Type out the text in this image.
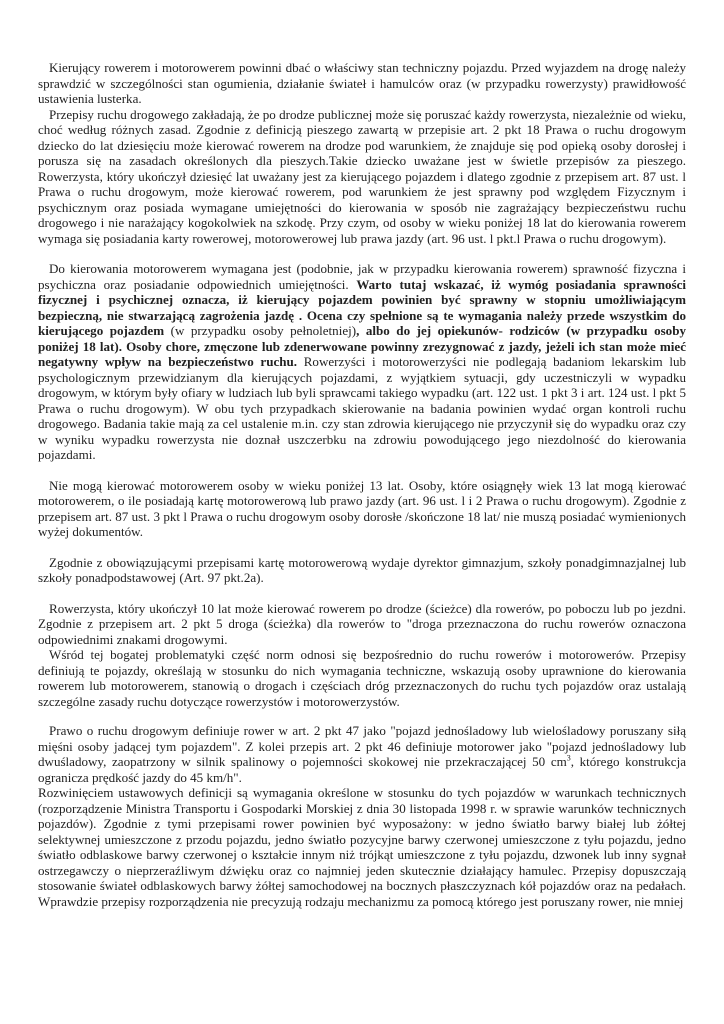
Kierujący rowerem i motorowerem powinni dbać o właściwy stan techniczny pojazdu. Przed wyjazdem na drogę należy sprawdzić w szczególności stan ogumienia, działanie świateł i hamulców oraz (w przypadku rowerzysty) prawidłowość ustawienia lusterka.

Przepisy ruchu drogowego zakładają, że po drodze publicznej może się poruszać każdy rowerzysta, niezależnie od wieku, choć według różnych zasad. Zgodnie z definicją pieszego zawartą w przepisie art. 2 pkt 18 Prawa o ruchu drogowym dziecko do lat dziesięciu może kierować rowerem na drodze pod warunkiem, że znajduje się pod opieką osoby dorosłej i porusza się na zasadach określonych dla pieszych.Takie dziecko uważane jest w świetle przepisów za pieszego. Rowerzysta, który ukończył dziesięć lat uważany jest za kierującego pojazdem i dlatego zgodnie z przepisem art. 87 ust. l Prawa o ruchu drogowym, może kierować rowerem, pod warunkiem że jest sprawny pod względem Fizycznym i psychicznym oraz posiada wymagane umiejętności do kierowania w sposób nie zagrażający bezpieczeństwu ruchu drogowego i nie narażający kogokolwiek na szkodę. Przy czym, od osoby w wieku poniżej 18 lat do kierowania rowerem wymaga się posiadania karty rowerowej, motorowerowej lub prawa jazdy (art. 96 ust. l pkt.l Prawa o ruchu drogowym).

Do kierowania motorowerem wymagana jest (podobnie, jak w przypadku kierowania rowerem) sprawność fizyczna i psychiczna oraz posiadanie odpowiednich umiejętności. Warto tutaj wskazać, iż wymóg posiadania sprawności fizycznej i psychicznej oznacza, iż kierujący pojazdem powinien być sprawny w stopniu umożliwiającym bezpieczną, nie stwarzającą zagrożenia jazdę . Ocena czy spełnione są te wymagania należy przede wszystkim do kierującego pojazdem (w przypadku osoby pełnoletniej), albo do jej opiekunów- rodziców (w przypadku osoby poniżej 18 lat). Osoby chore, zmęczone lub zdenerwowane powinny zrezygnować z jazdy, jeżeli ich stan może mieć negatywny wpływ na bezpieczeństwo ruchu. Rowerzyści i motorowerzyści nie podlegają badaniom lekarskim lub psychologicznym przewidzianym dla kierujących pojazdami, z wyjątkiem sytuacji, gdy uczestniczyli w wypadku drogowym, w którym były ofiary w ludziach lub byli sprawcami takiego wypadku (art. 122 ust. 1 pkt 3 i art. 124 ust. l pkt 5 Prawa o ruchu drogowym). W obu tych przypadkach skierowanie na badania powinien wydać organ kontroli ruchu drogowego. Badania takie mają za cel ustalenie m.in. czy stan zdrowia kierującego nie przyczynił się do wypadku oraz czy w wyniku wypadku rowerzysta nie doznał uszczerbku na zdrowiu powodującego jego niezdolność do kierowania pojazdami.

Nie mogą kierować motorowerem osoby w wieku poniżej 13 lat. Osoby, które osiągnęły wiek 13 lat mogą kierować motorowerem, o ile posiadają kartę motorowerową lub prawo jazdy (art. 96 ust. l i 2 Prawa o ruchu drogowym). Zgodnie z przepisem art. 87 ust. 3 pkt l Prawa o ruchu drogowym osoby dorosłe /skończone 18 lat/ nie muszą posiadać wymienionych wyżej dokumentów.

Zgodnie z obowiązującymi przepisami kartę motorowerową wydaje dyrektor gimnazjum, szkoły ponadgimnazjalnej lub szkoły ponadpodstawowej (Art. 97 pkt.2a).

Rowerzysta, który ukończył 10 lat może kierować rowerem po drodze (ścieżce) dla rowerów, po poboczu lub po jezdni. Zgodnie z przepisem art. 2 pkt 5 droga (ścieżka) dla rowerów to "droga przeznaczona do ruchu rowerów oznaczona odpowiednimi znakami drogowymi.

Wśród tej bogatej problematyki część norm odnosi się bezpośrednio do ruchu rowerów i motorowerów. Przepisy definiują te pojazdy, określają w stosunku do nich wymagania techniczne, wskazują osoby uprawnione do kierowania rowerem lub motorowerem, stanowią o drogach i częściach dróg przeznaczonych do ruchu tych pojazdów oraz ustalają szczególne zasady ruchu dotyczące rowerzystów i motorowerzystów.

Prawo o ruchu drogowym definiuje rower w art. 2 pkt 47 jako "pojazd jednośladowy lub wielośladowy poruszany siłą mięśni osoby jadącej tym pojazdem". Z kolei przepis art. 2 pkt 46 definiuje motorower jako "pojazd jednośladowy lub dwuśladowy, zaopatrzony w silnik spalinowy o pojemności skokowej nie przekraczającej 50 $cm^3$, którego konstrukcja ogranicza prędkość jazdy do 45 km/h".

Rozwinięciem ustawowych definicji są wymagania określone w stosunku do tych pojazdów w warunkach technicznych (rozporządzenie Ministra Transportu i Gospodarki Morskiej z dnia 30 listopada 1998 r. w sprawie warunków technicznych pojazdów). Zgodnie z tymi przepisami rower powinien być wyposażony: w jedno światło barwy białej lub żółtej selektywnej umieszczone z przodu pojazdu, jedno światło pozycyjne barwy czerwonej umieszczone z tyłu pojazdu, jedno światło odblaskowe barwy czerwonej o kształcie innym niż trójkąt umieszczone z tyłu pojazdu, dzwonek lub inny sygnał ostrzegawczy o nieprzeraźliwym dźwięku oraz co najmniej jeden skutecznie działający hamulec. Przepisy dopuszczają stosowanie świateł odblaskowych barwy żółtej samochodowej na bocznych płaszczyznach kół pojazdów oraz na pedałach. Wprawdzie przepisy rozporządzenia nie precyzują rodzaju mechanizmu za pomocą którego jest poruszany rower, nie mniej
